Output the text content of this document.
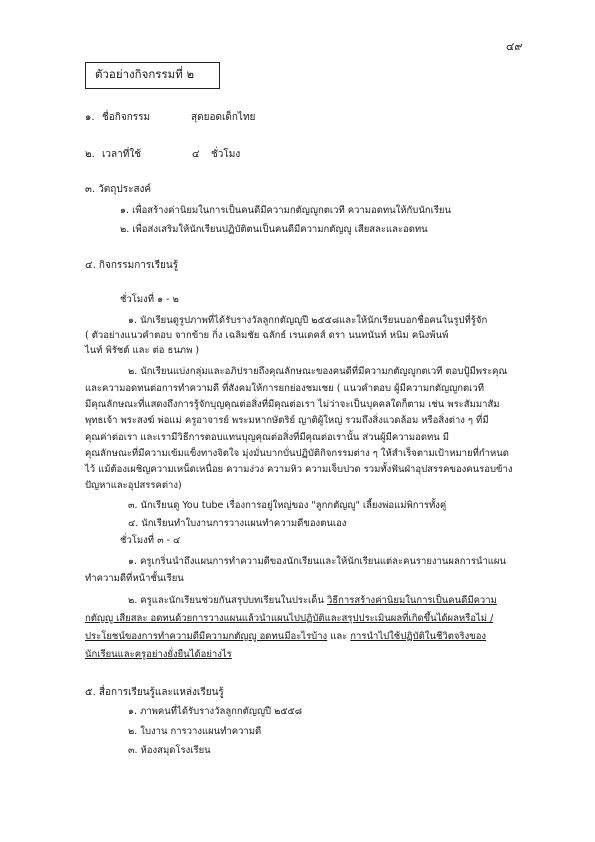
๔๙
ตัวอย่างกิจกรรมที่ ๒
๑. ชื่อกิจกรรม	สุดยอดเด็กไทย
๒. เวลาที่ใช้	๔ ชั่วโมง
๓. วัตถุประสงค์
๑. เพื่อสร้างค่านิยมในการเป็นคนดีมีความกตัญญูกตเวที ความอดทนให้กับนักเรียน
๒. เพื่อส่งเสริมให้นักเรียนปฏิบัติตนเป็นคนดีมีความกตัญญู เสียสละและอดทน
๔. กิจกรรมการเรียนรู้
ชั่วโมงที่ ๑ - ๒
๑. นักเรียนดูรูปภาพที่ได้รับรางวัลลูกกตัญญูปี ๒๕๕๘และให้นักเรียนบอกชื่อคนในรูปที่รู้จัก
( ตัวอย่างแนวคำตอบ จากข้าย กิ่ง เฉลิมชัย ฉลักธ์ เรนเดคส์ ดรา นนทนันท์ หนิม คนิงพ้นพ์
ไนท์ พิรัชต์ และ ต่อ ธนภพ )
๒. นักเรียนแบ่งกลุ่มและอภิปรายถึงคุณลักษณะของคนดีที่มีความกตัญญูกตเวที ตอบปู้มีพระคุณ
และความอดทนต่อการทำความดี ที่สังคมให้การยกย่องชมเชย ( แนวคำตอบ ผู้มีความกตัญญูกตเวที
มีคุณลักษณะที่แสดงถึงการรู้จักบุญคุณต่อสิ่งที่มีคุณต่อเรา ไม่ว่าจะเป็นบุคคลใดก็ตาม เช่น พระสัมมาสัม
พุทธเจ้า พระสงฆ์ พ่อแม่ ครูอาจารย์ พระมหากษัตริย์ ญาติผู้ใหญ่ รวมถึงสิ่งแวดล้อม หรือสิ่งต่าง ๆ ที่มี
คุณค่าต่อเรา และเรามีวิธีการตอบแทนบุญคุณต่อสิ่งที่มีคุณต่อเรานั้น ส่วนผู้มีความอดทน มี
คุณลักษณะที่มีความเข้มแข็งทางจิตใจ มุ่งมั่นบากบั่นปฏิบัติกิจกรรมต่าง ๆ ให้สำเร็จตามเป้าหมายที่กำหนด
ไว้ แม้ต้องเผชิญความเหน็ดเหนื่อย ความง่วง ความหิว ความเจ็บปวด รวมทั้งฟันฝ่าอุปสรรคของคนรอบข้าง
ปัญหาและอุปสรรคต่าง)
๓. นักเรียนดู You tube เรื่องการอยู่ใหญ่ของ "ลูกกตัญญู" เลี้ยงพ่อแม่พิการทั้งคู่
๔. นักเรียนทำใบงานการวางแผนทำความดีของตนเอง
ชั่วโมงที่ ๓ - ๔
๑. ครูเกริ่นนำถึงแผนการทำความดีของนักเรียนและให้นักเรียนแต่ละคนรายงานผลการนำแผน
ทำความดีที่หน้าชั้นเรียน
๒. ครูและนักเรียนช่วยกันสรุปบทเรียนในประเด็น วิธีการสร้างค่านิยมในการเป็นคนดีมีความ
กตัญญู เสียสละ อดทนด้วยการวางแผนแล้วนำแผนไปปฏิบัติและสรุปประเมินผลที่เกิดขึ้นได้ผลหรือไม่ /
ประโยชน์ของการทำความดีมีความกตัญญู อดทนมีอะไรบ้าง และ การนำไปใช้ปฏิบัติในชีวิตจริงของ
นักเรียนและครูอย่างยั่งยืนได้อย่างไร
๕. สื่อการเรียนรู้และแหล่งเรียนรู้
๑. ภาพคนที่ได้รับรางวัลลูกกตัญญูปี ๒๕๕๘
๒. ใบงาน การวางแผนทำความดี
๓. ห้องสมุดโรงเรียน
